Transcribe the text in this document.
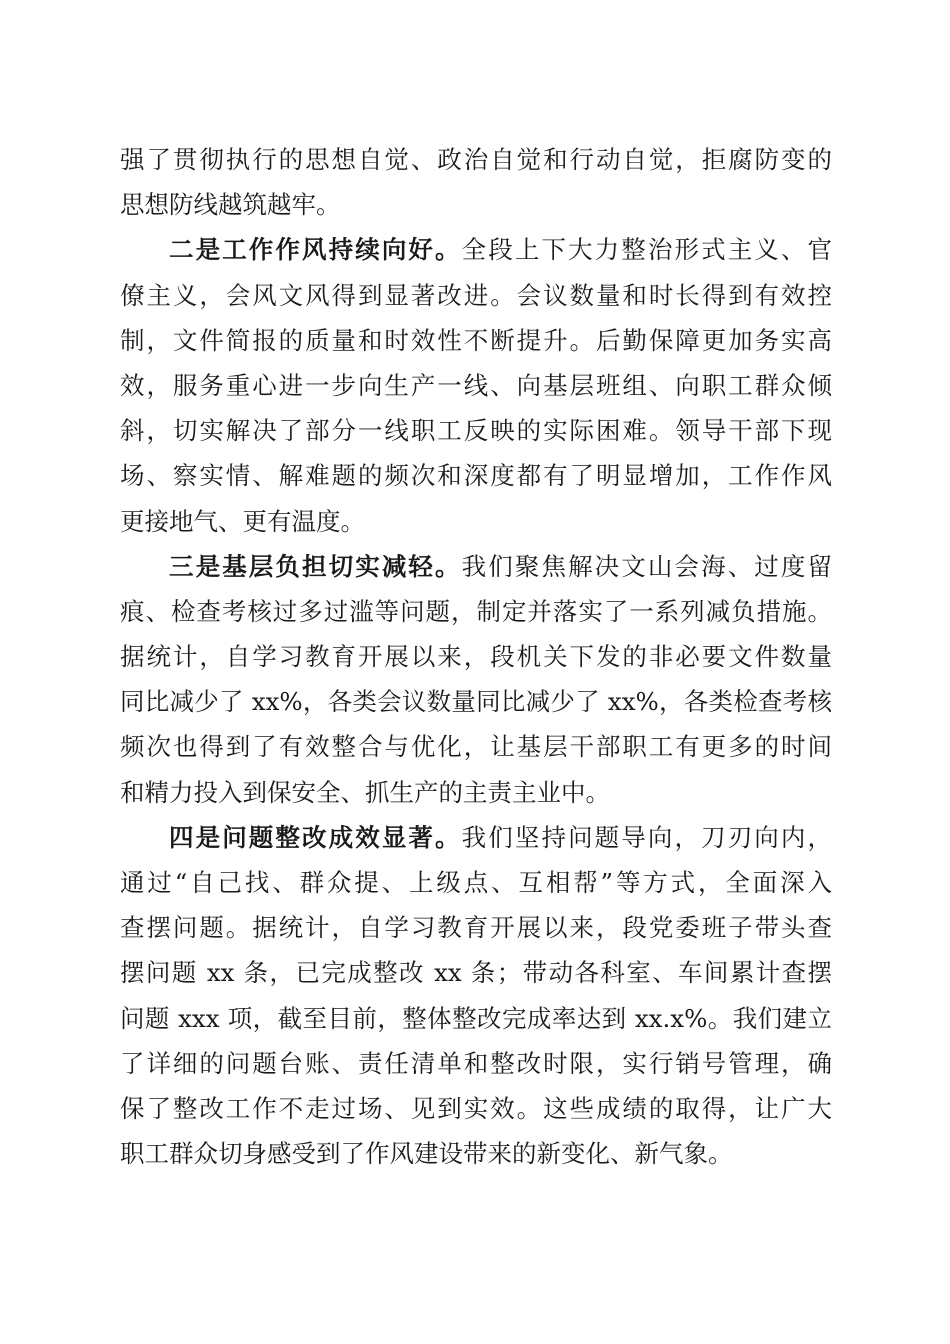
强了贯彻执行的思想自觉、政治自觉和行动自觉，拒腐防变的
思想防线越筑越牢。
二是工作作风持续向好。全段上下大力整治形式主义、官
僚主义，会风文风得到显著改进。会议数量和时长得到有效控
制，文件简报的质量和时效性不断提升。后勤保障更加务实高
效，服务重心进一步向生产一线、向基层班组、向职工群众倾
斜，切实解决了部分一线职工反映的实际困难。领导干部下现
场、察实情、解难题的频次和深度都有了明显增加，工作作风
更接地气、更有温度。
三是基层负担切实减轻。我们聚焦解决文山会海、过度留
痕、检查考核过多过滥等问题，制定并落实了一系列减负措施。
据统计，自学习教育开展以来，段机关下发的非必要文件数量
同比减少了 xx%，各类会议数量同比减少了 xx%，各类检查考核
频次也得到了有效整合与优化，让基层干部职工有更多的时间
和精力投入到保安全、抓生产的主责主业中。
四是问题整改成效显著。我们坚持问题导向，刀刃向内，
通过“自己找、群众提、上级点、互相帮”等方式，全面深入
查摆问题。据统计，自学习教育开展以来，段党委班子带头查
摆问题 xx 条，已完成整改 xx 条；带动各科室、车间累计查摆
问题 xxx 项，截至目前，整体整改完成率达到 xx.x%。我们建立
了详细的问题台账、责任清单和整改时限，实行销号管理，确
保了整改工作不走过场、见到实效。这些成绩的取得，让广大
职工群众切身感受到了作风建设带来的新变化、新气象。
